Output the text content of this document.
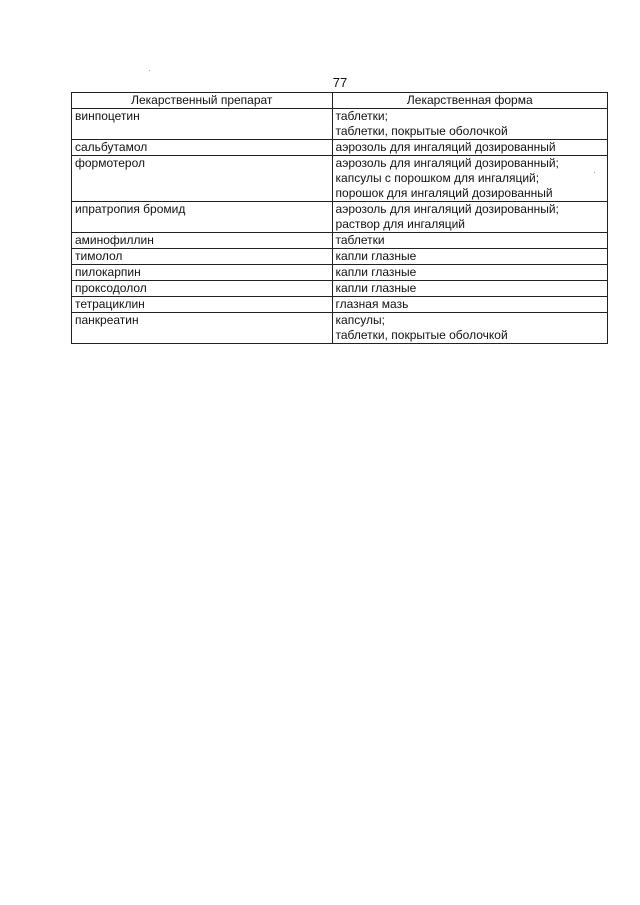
77
Лекарственный препарат	Лекарственная форма
винпоцетин	таблетки;
таблетки, покрытые оболочкой

сальбутамол	аэрозоль для ингаляций дозированный

формотерол	аэрозоль для ингаляций дозированный;
капсулы с порошком для ингаляций;
порошок для ингаляций дозированный

ипратропия бромид	аэрозоль для ингаляций дозированный;
раствор для ингаляций

аминофиллин	таблетки

тимолол	капли глазные

пилокарпин	капли глазные

проксодолол	капли глазные

тетрациклин	глазная мазь

панкреатин	капсулы;
таблетки, покрытые оболочкой
